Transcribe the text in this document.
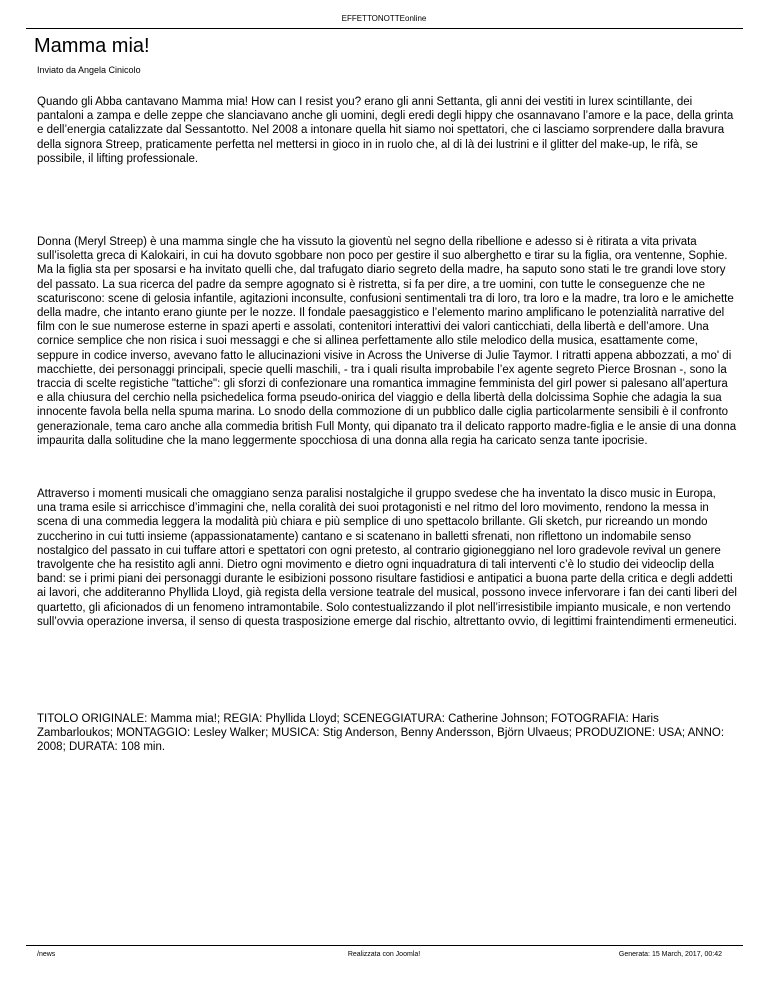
EFFETTONOTTEonline
Mamma mia!
Inviato da Angela Cinicolo

Quando gli Abba cantavano Mamma mia! How can I resist you? erano gli anni Settanta, gli anni dei vestiti in lurex scintillante, dei pantaloni a zampa e delle zeppe che slanciavano anche gli uomini, degli eredi degli hippy che osannavano l’amore e la pace, della grinta e dell’energia catalizzate dal Sessantotto. Nel 2008 a intonare quella hit siamo noi spettatori, che ci lasciamo sorprendere dalla bravura della signora Streep, praticamente perfetta nel mettersi in gioco in in ruolo che, al di là dei lustrini e il glitter del make-up, le rifà, se possibile, il lifting professionale.

Donna (Meryl Streep) è una mamma single che ha vissuto la gioventù nel segno della ribellione e adesso si è ritirata a vita privata sull’isoletta greca di Kalokairi, in cui ha dovuto sgobbare non poco per gestire il suo alberghetto e tirar su la figlia, ora ventenne, Sophie. Ma la figlia sta per sposarsi e ha invitato quelli che, dal trafugato diario segreto della madre, ha saputo sono stati le tre grandi love story del passato. La sua ricerca del padre da sempre agognato si è ristretta, si fa per dire, a tre uomini, con tutte le conseguenze che ne scaturiscono: scene di gelosia infantile, agitazioni inconsulte, confusioni sentimentali tra di loro, tra loro e la madre, tra loro e le amichette della madre, che intanto erano giunte per le nozze. Il fondale paesaggistico e l’elemento marino amplificano le potenzialità narrative del film con le sue numerose esterne in spazi aperti e assolati, contenitori interattivi dei valori canticchiati, della libertà e dell’amore. Una cornice semplice che non risica i suoi messaggi e che si allinea perfettamente allo stile melodico della musica, esattamente come, seppure in codice inverso, avevano fatto le allucinazioni visive in Across the Universe di Julie Taymor. I ritratti appena abbozzati, a mo' di macchiette, dei personaggi principali, specie quelli maschili, - tra i quali risulta improbabile l’ex agente segreto Pierce Brosnan -, sono la traccia di scelte registiche "tattiche": gli sforzi di confezionare una romantica immagine femminista del girl power si palesano all’apertura e alla chiusura del cerchio nella psichedelica forma pseudo-onirica del viaggio e della libertà della dolcissima Sophie che adagia la sua innocente favola bella nella spuma marina. Lo snodo della commozione di un pubblico dalle ciglia particolarmente sensibili è il confronto generazionale, tema caro anche alla commedia british Full Monty, qui dipanato tra il delicato rapporto madre-figlia e le ansie di una donna impaurita dalla solitudine che la mano leggermente spocchiosa di una donna alla regia ha caricato senza tante ipocrisie.

Attraverso i momenti musicali che omaggiano senza paralisi nostalgiche il gruppo svedese che ha inventato la disco music in Europa, una trama esile si arricchisce d’immagini che, nella coralità dei suoi protagonisti e nel ritmo del loro movimento, rendono la messa in scena di una commedia leggera la modalità più chiara e più semplice di uno spettacolo brillante. Gli sketch, pur ricreando un mondo zuccherino in cui tutti insieme (appassionatamente) cantano e si scatenano in balletti sfrenati, non riflettono un indomabile senso nostalgico del passato in cui tuffare attori e spettatori con ogni pretesto, al contrario gigioneggiano nel loro gradevole revival un genere travolgente che ha resistito agli anni. Dietro ogni movimento e dietro ogni inquadratura di tali interventi c’è lo studio dei videoclip della band: se i primi piani dei personaggi durante le esibizioni possono risultare fastidiosi e antipatici a buona parte della critica e degli addetti ai lavori, che additeranno Phyllida Lloyd, già regista della versione teatrale del musical, possono invece infervorare i fan dei canti liberi del quartetto, gli aficionados di un fenomeno intramontabile. Solo contestualizzando il plot nell’irresistibile impianto musicale, e non vertendo sull’ovvia operazione inversa, il senso di questa trasposizione emerge dal rischio, altrettanto ovvio, di legittimi fraintendimenti ermeneutici.

TITOLO ORIGINALE: Mamma mia!; REGIA: Phyllida Lloyd; SCENEGGIATURA: Catherine Johnson; FOTOGRAFIA: Haris Zambarloukos; MONTAGGIO: Lesley Walker; MUSICA: Stig Anderson, Benny Andersson, Björn Ulvaeus; PRODUZIONE: USA; ANNO: 2008; DURATA: 108 min.

/news	Realizzata con Joomla!	Generata: 15 March, 2017, 00:42
